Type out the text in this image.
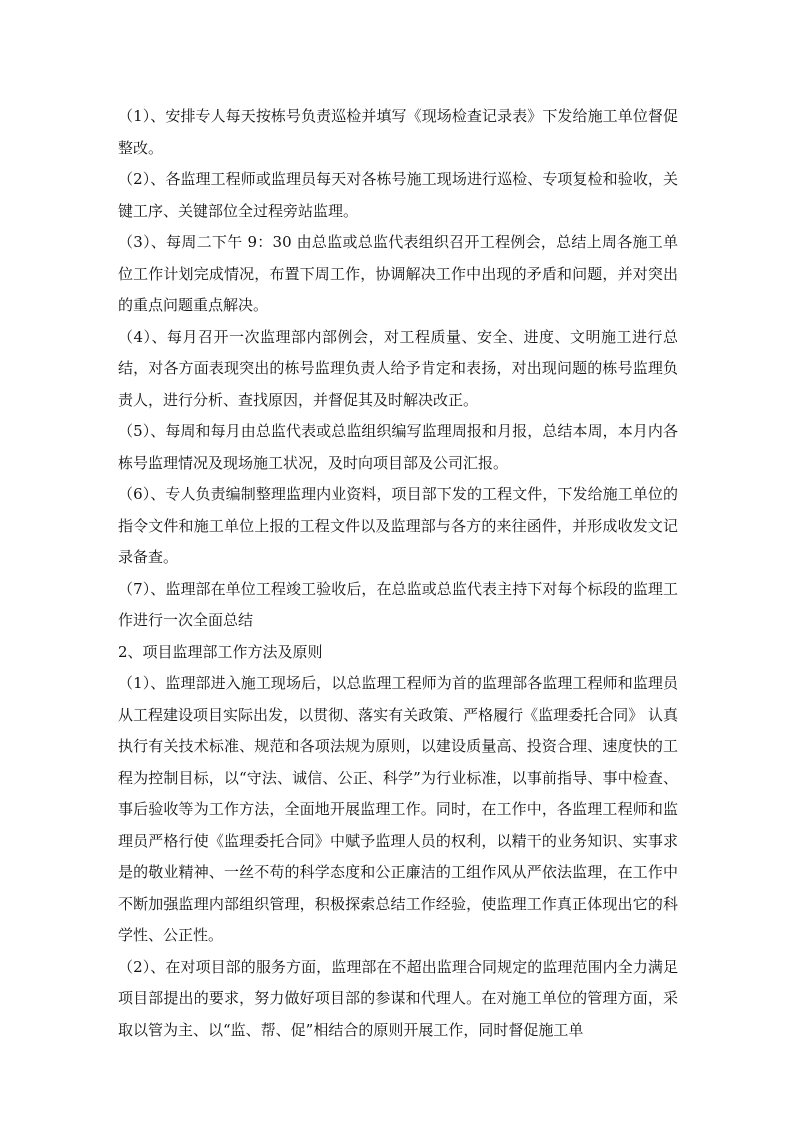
（1）、安排专人每天按栋号负责巡检并填写《现场检查记录表》下发给施工单位督促整改。

（2）、各监理工程师或监理员每天对各栋号施工现场进行巡检、专项复检和验收，关键工序、关键部位全过程旁站监理。

（3）、每周二下午 9：30 由总监或总监代表组织召开工程例会，总结上周各施工单位工作计划完成情况，布置下周工作，协调解决工作中出现的矛盾和问题，并对突出的重点问题重点解决。

（4）、每月召开一次监理部内部例会，对工程质量、安全、进度、文明施工进行总结，对各方面表现突出的栋号监理负责人给予肯定和表扬，对出现问题的栋号监理负责人，进行分析、查找原因，并督促其及时解决改正。

（5）、每周和每月由总监代表或总监组织编写监理周报和月报，总结本周，本月内各栋号监理情况及现场施工状况，及时向项目部及公司汇报。

（6）、专人负责编制整理监理内业资料，项目部下发的工程文件，下发给施工单位的指令文件和施工单位上报的工程文件以及监理部与各方的来往函件，并形成收发文记录备查。

（7）、监理部在单位工程竣工验收后，在总监或总监代表主持下对每个标段的监理工作进行一次全面总结

2、项目监理部工作方法及原则

（1）、监理部进入施工现场后，以总监理工程师为首的监理部各监理工程师和监理员从工程建设项目实际出发，以贯彻、落实有关政策、严格履行《监理委托合同》 认真执行有关技术标准、规范和各项法规为原则，以建设质量高、投资合理、速度快的工程为控制目标，以“守法、诚信、公正、科学”为行业标准，以事前指导、事中检查、事后验收等为工作方法，全面地开展监理工作。同时，在工作中，各监理工程师和监理员严格行使《监理委托合同》中赋予监理人员的权利，以精干的业务知识、实事求是的敬业精神、一丝不苟的科学态度和公正廉洁的工组作风从严依法监理，在工作中不断加强监理内部组织管理，积极探索总结工作经验，使监理工作真正体现出它的科学性、公正性。

（2）、在对项目部的服务方面，监理部在不超出监理合同规定的监理范围内全力满足项目部提出的要求，努力做好项目部的参谋和代理人。在对施工单位的管理方面，采取以管为主、以“监、帮、促”相结合的原则开展工作，同时督促施工单
